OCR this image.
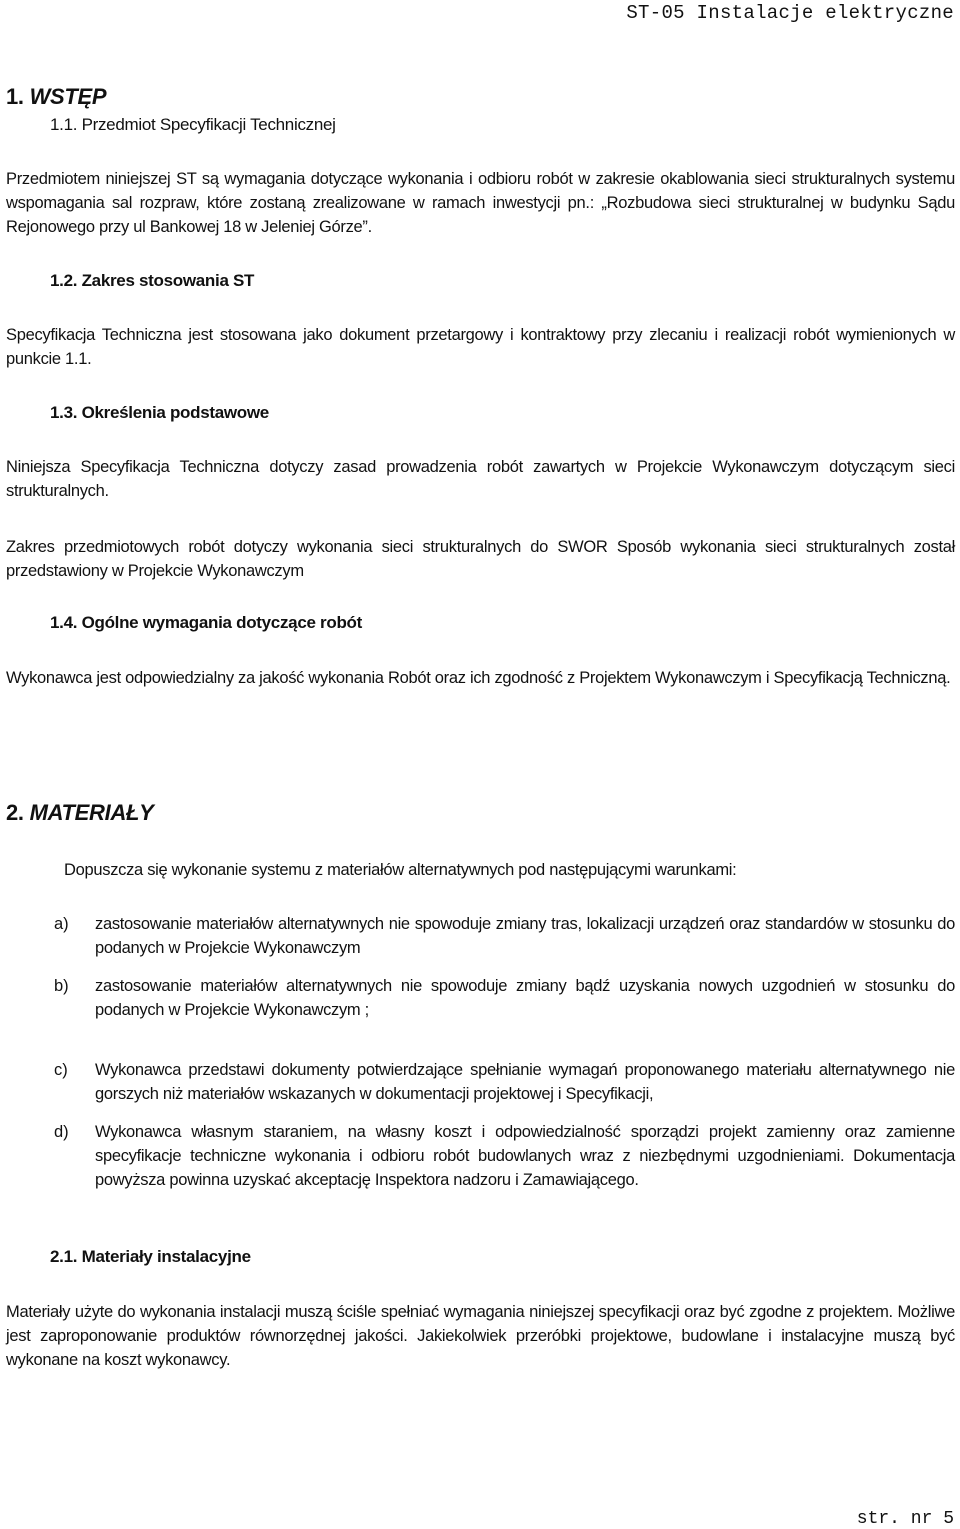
ST-05 Instalacje elektryczne
1. WSTĘP
1.1. Przedmiot Specyfikacji Technicznej

Przedmiotem niniejszej ST są wymagania dotyczące wykonania i odbioru robót w zakresie okablowania sieci strukturalnych systemu wspomagania sal rozpraw, które zostaną zrealizowane w ramach inwestycji pn.: „Rozbudowa sieci strukturalnej w budynku Sądu Rejonowego przy ul Bankowej 18 w Jeleniej Górze”.

1.2. Zakres stosowania ST

Specyfikacja Techniczna jest stosowana jako dokument przetargowy i kontraktowy przy zlecaniu i realizacji robót wymienionych w punkcie 1.1.

1.3. Określenia podstawowe

Niniejsza Specyfikacja Techniczna dotyczy zasad prowadzenia robót zawartych w Projekcie Wykonawczym dotyczącym sieci strukturalnych.

Zakres przedmiotowych robót dotyczy wykonania sieci strukturalnych do SWOR Sposób wykonania sieci strukturalnych został przedstawiony w Projekcie Wykonawczym

1.4. Ogólne wymagania dotyczące robót

Wykonawca jest odpowiedzialny za jakość wykonania Robót oraz ich zgodność z Projektem Wykonawczym i Specyfikacją Techniczną.

2. MATERIAŁY

Dopuszcza się wykonanie systemu z materiałów alternatywnych pod następującymi warunkami:

a) zastosowanie materiałów alternatywnych nie spowoduje zmiany tras, lokalizacji urządzeń oraz standardów w stosunku do podanych w Projekcie Wykonawczym
b) zastosowanie materiałów alternatywnych nie spowoduje zmiany bądź uzyskania nowych uzgodnień w stosunku do podanych w Projekcie Wykonawczym ;
c) Wykonawca przedstawi dokumenty potwierdzające spełnianie wymagań proponowanego materiału alternatywnego nie gorszych niż materiałów wskazanych w dokumentacji projektowej i Specyfikacji,
d) Wykonawca własnym staraniem, na własny koszt i odpowiedzialność sporządzi projekt zamienny oraz zamienne specyfikacje techniczne wykonania i odbioru robót budowlanych wraz z niezbędnymi uzgodnieniami. Dokumentacja powyższa powinna uzyskać akceptację Inspektora nadzoru i Zamawiającego.
2.1. Materiały instalacyjne

Materiały użyte do wykonania instalacji muszą ściśle spełniać wymagania niniejszej specyfikacji oraz być zgodne z projektem. Możliwe jest zaproponowanie produktów równorzędnej jakości. Jakiekolwiek przeróbki projektowe, budowlane i instalacyjne muszą być wykonane na koszt wykonawcy.

str. nr 5
